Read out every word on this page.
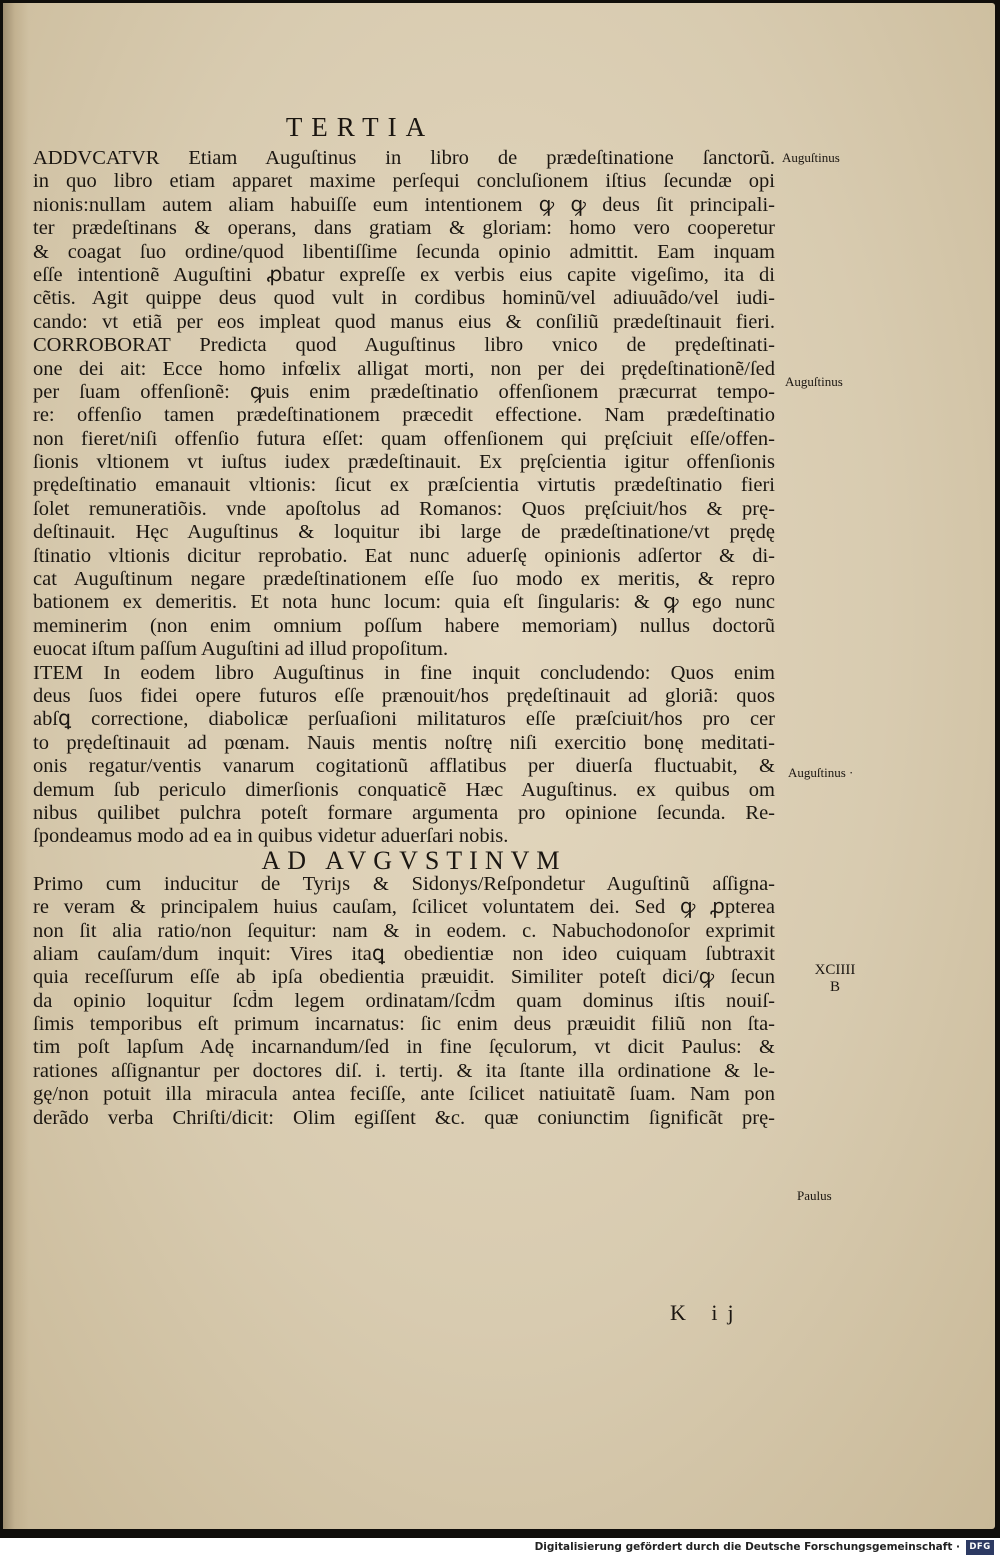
TERTIA
ADDVCATVR Etiam Auguſtinus in libro de prædeſtinatione ſanctorũ.
in quo libro etiam apparet maxime perſequi concluſionem iſtius ſecundæ opi
nionis:nullam autem aliam habuiſſe eum intentionem ꝙ ꝙ deus ſit principali-
ter prædeſtinans & operans, dans gratiam & gloriam: homo vero cooperetur
& coagat ſuo ordine/quod libentiſſime ſecunda opinio admittit. Eam inquam
eſſe intentionẽ Auguſtini ꝓbatur expreſſe ex verbis eius capite vigeſimo, ita di
cẽtis. Agit quippe deus quod vult in cordibus hominũ/vel adiuuãdo/vel iudi-
cando: vt etiã per eos impleat quod manus eius & conſiliũ prædeſtinauit fieri.
CORROBORAT Predicta quod Auguſtinus libro vnico de prędeſtinati-
one dei ait: Ecce homo infœlix alligat morti, non per dei prędeſtinationẽ/ſed
per ſuam offenſionẽ: ꝙuis enim prædeſtinatio offenſionem præcurrat tempo-
re: offenſio tamen prædeſtinationem præcedit effectione. Nam prædeſtinatio
non fieret/niſi offenſio futura eſſet: quam offenſionem qui pręſciuit eſſe/offen-
ſionis vltionem vt iuſtus iudex prædeſtinauit. Ex pręſcientia igitur offenſionis
prędeſtinatio emanauit vltionis: ſicut ex præſcientia virtutis prædeſtinatio fieri
ſolet remuneratiõis. vnde apoſtolus ad Romanos: Quos pręſciuit/hos & prę-
deſtinauit. Hęc Auguſtinus & loquitur ibi large de prædeſtinatione/vt prędę
ſtinatio vltionis dicitur reprobatio. Eat nunc aduerſę opinionis adſertor & di-
cat Auguſtinum negare prædeſtinationem eſſe ſuo modo ex meritis, & repro
bationem ex demeritis. Et nota hunc locum: quia eſt ſingularis: & ꝙ ego nunc
meminerim (non enim omnium poſſum habere memoriam) nullus doctorũ
euocat iſtum paſſum Auguſtini ad illud propoſitum.
ITEM In eodem libro Auguſtinus in fine inquit concludendo: Quos enim
deus ſuos fidei opere futuros eſſe prænouit/hos prędeſtinauit ad gloriã: quos
abſꝗ correctione, diabolicæ perſuaſioni militaturos eſſe præſciuit/hos pro cer
to prędeſtinauit ad pœnam. Nauis mentis noſtrę niſi exercitio bonę meditati-
onis regatur/ventis vanarum cogitationũ afflatibus per diuerſa fluctuabit, &
demum ſub periculo dimerſionis conquaticẽ Hæc Auguſtinus. ex quibus om
nibus quilibet pulchra poteſt formare argumenta pro opinione ſecunda. Re-
ſpondeamus modo ad ea in quibus videtur aduerſari nobis.
AD AVGVSTINVM
Primo cum inducitur de Tyriȷs & Sidonys/Reſpondetur Auguſtinũ aſſigna-
re veram & principalem huius cauſam, ſcilicet voluntatem dei. Sed ꝙ ꝓptereа
non ſit alia ratio/non ſequitur: nam & in eodem. c. Nabuchodonoſor exprimit
aliam cauſam/dum inquit: Vires itaꝗ obedientiæ non ideo cuiquam ſubtraxit
quia receſſurum eſſe ab ipſa obedientia præuidit. Similiter poteſt dici/ꝙ ſecun
da opinio loquitur ſcd̃m legem ordinatam/ſcd̃m quam dominus iſtis nouiſ-
ſimis temporibus eſt primum incarnatus: ſic enim deus præuidit filiũ non ſta-
tim poſt lapſum Adę incarnandum/ſed in fine ſęculorum, vt dicit Paulus: &
rationes aſſignantur per doctores diſ. i. tertiȷ. & ita ſtante illa ordinatione & le-
gę/non potuit illa miracula antea feciſſe, ante ſcilicet natiuitatẽ ſuam. Nam pon
derãdo verba Chriſti/dicit: Olim egiſſent &c. quæ coniunctim ſignificãt prę-
Auguſtinus
Auguſtinus
Auguſtinus ·
Paulus
XCIIII
B
K ij
Digitalisierung gefördert durch die Deutsche Forschungsgemeinschaft ·	DFG
